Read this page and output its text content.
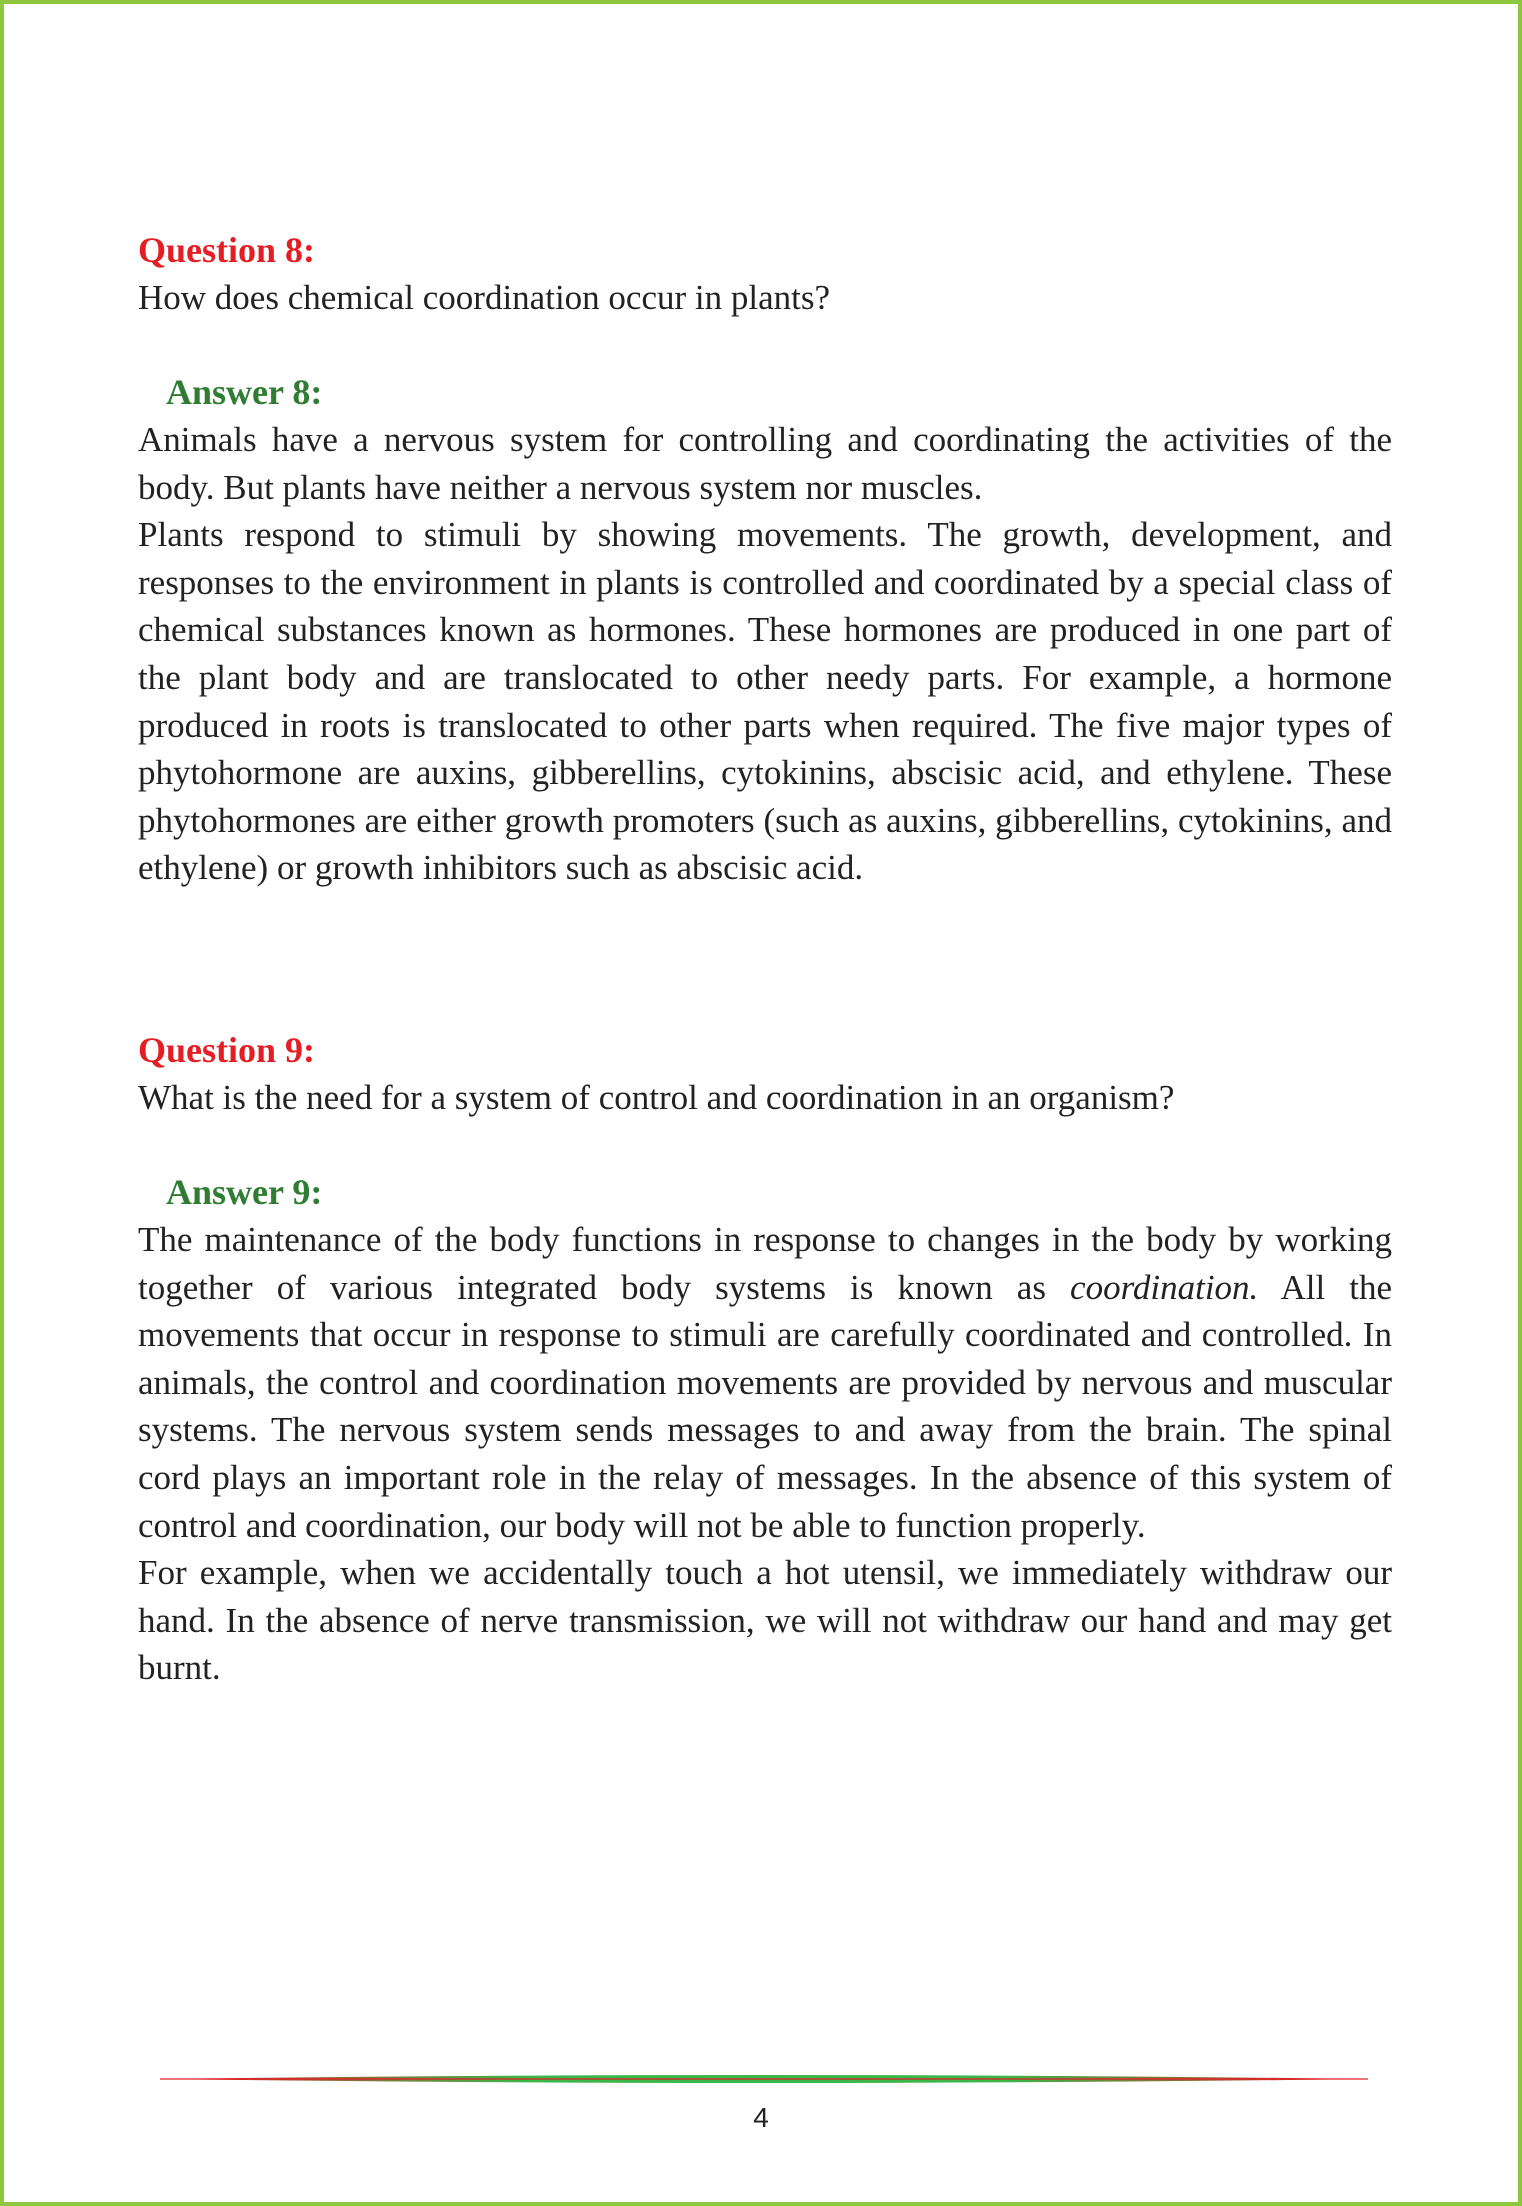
Question 8:

How does chemical coordination occur in plants?

Answer 8:

Animals have a nervous system for controlling and coordinating the activities of the body. But plants have neither a nervous system nor muscles.

Plants respond to stimuli by showing movements. The growth, development, and responses to the environment in plants is controlled and coordinated by a special class of chemical substances known as hormones. These hormones are produced in one part of the plant body and are translocated to other needy parts. For example, a hormone produced in roots is translocated to other parts when required. The five major types of phytohormone are auxins, gibberellins, cytokinins, abscisic acid, and ethylene. These phytohormones are either growth promoters (such as auxins, gibberellins, cytokinins, and ethylene) or growth inhibitors such as abscisic acid.

Question 9:

What is the need for a system of control and coordination in an organism?

Answer 9:

The maintenance of the body functions in response to changes in the body by working together of various integrated body systems is known as coordination. All the movements that occur in response to stimuli are carefully coordinated and controlled. In animals, the control and coordination movements are provided by nervous and muscular systems. The nervous system sends messages to and away from the brain. The spinal cord plays an important role in the relay of messages. In the absence of this system of control and coordination, our body will not be able to function properly.

For example, when we accidentally touch a hot utensil, we immediately withdraw our hand. In the absence of nerve transmission, we will not withdraw our hand and may get burnt.

4
